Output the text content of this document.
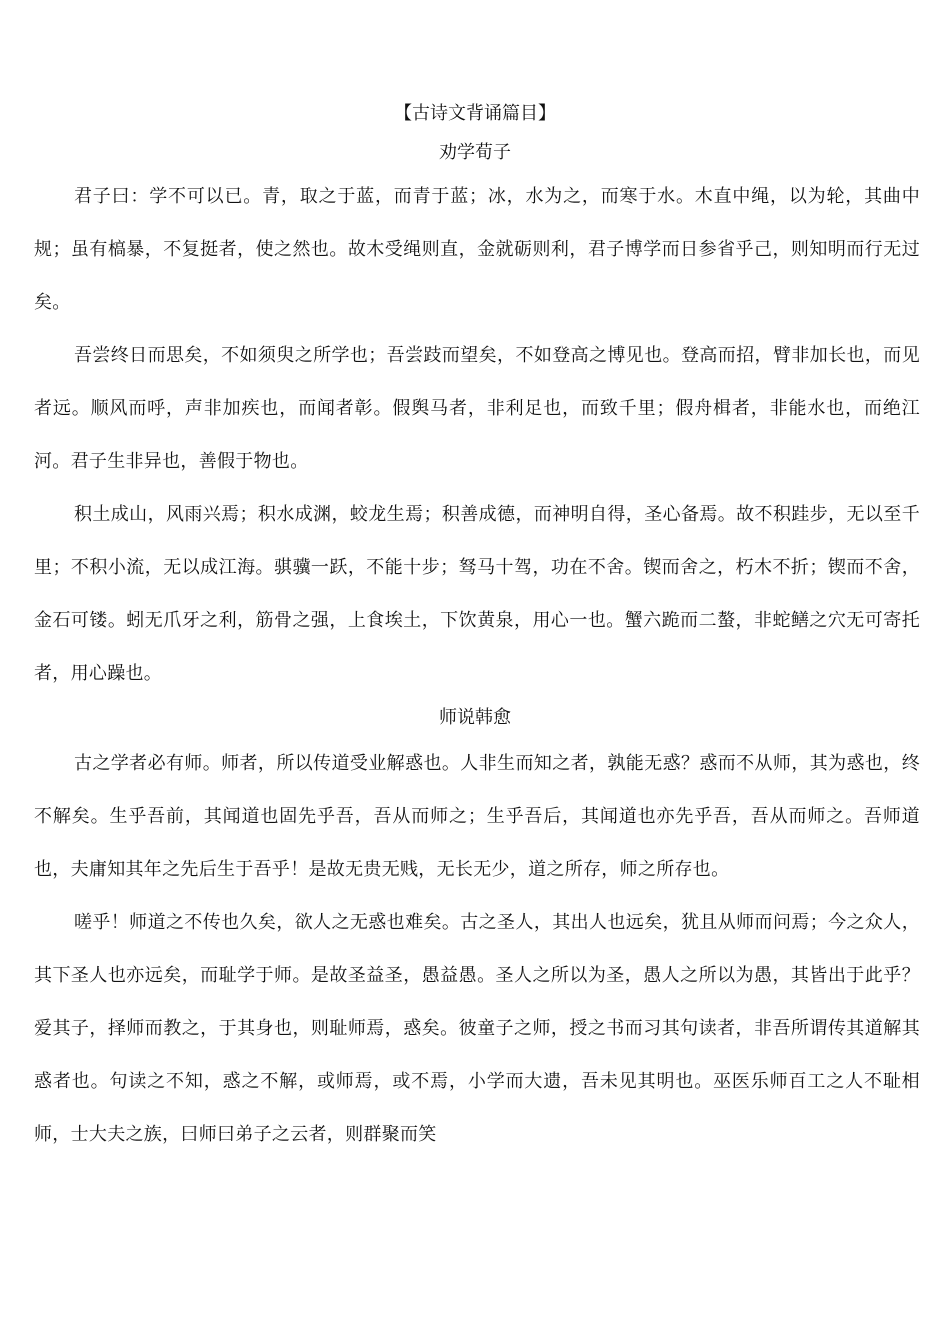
【古诗文背诵篇目】
劝学荀子

君子曰：学不可以已。青，取之于蓝，而青于蓝；冰，水为之，而寒于水。木直中绳，以为轮，其曲中规；虽有槁暴，不复挺者，使之然也。故木受绳则直，金就砺则利，君子博学而日参省乎己，则知明而行无过矣。

吾尝终日而思矣，不如须臾之所学也；吾尝跂而望矣，不如登高之博见也。登高而招，臂非加长也，而见者远。顺风而呼，声非加疾也，而闻者彰。假舆马者，非利足也，而致千里；假舟楫者，非能水也，而绝江河。君子生非异也，善假于物也。

积土成山，风雨兴焉；积水成渊，蛟龙生焉；积善成德，而神明自得，圣心备焉。故不积跬步，无以至千里；不积小流，无以成江海。骐骥一跃，不能十步；驽马十驾，功在不舍。锲而舍之，朽木不折；锲而不舍，金石可镂。蚓无爪牙之利，筋骨之强，上食埃土，下饮黄泉，用心一也。蟹六跪而二螯，非蛇鳝之穴无可寄托者，用心躁也。

师说韩愈

古之学者必有师。师者，所以传道受业解惑也。人非生而知之者，孰能无惑？惑而不从师，其为惑也，终不解矣。生乎吾前，其闻道也固先乎吾，吾从而师之；生乎吾后，其闻道也亦先乎吾，吾从而师之。吾师道也，夫庸知其年之先后生于吾乎！是故无贵无贱，无长无少，道之所存，师之所存也。

嗟乎！师道之不传也久矣，欲人之无惑也难矣。古之圣人，其出人也远矣，犹且从师而问焉；今之众人，其下圣人也亦远矣，而耻学于师。是故圣益圣，愚益愚。圣人之所以为圣，愚人之所以为愚，其皆出于此乎？爱其子，择师而教之，于其身也，则耻师焉，惑矣。彼童子之师，授之书而习其句读者，非吾所谓传其道解其惑者也。句读之不知，惑之不解，或师焉，或不焉，小学而大遗，吾未见其明也。巫医乐师百工之人不耻相师，士大夫之族，曰师曰弟子之云者，则群聚而笑
